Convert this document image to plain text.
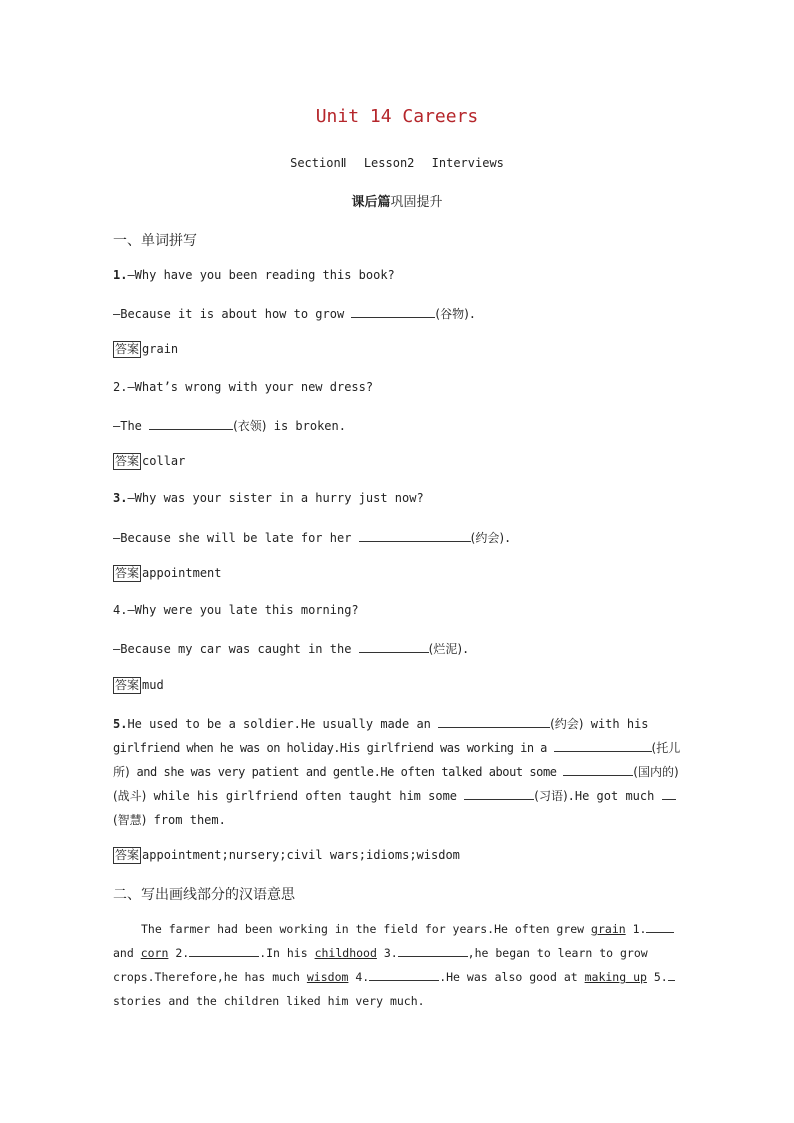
Unit 14 Careers
SectionⅡ Lesson2 Interviews
课后篇巩固提升
一、单词拼写
1.—Why have you been reading this book?
—Because it is about how to grow	(谷物).
答案 grain
2.—What’s wrong with your new dress?
—The	(衣领) is broken.
答案 collar
3.—Why was your sister in a hurry just now?
—Because she will be late for her	(约会).
答案 appointment
4.—Why were you late this morning?
—Because my car was caught in the	(烂泥).
答案 mud
5.He used to be a soldier.He usually made an	(约会) with his
girlfriend when he was on holiday.His girlfriend was working in a	(托儿
所) and she was very patient and gentle.He often talked about some	(国内的)
(战斗) while his girlfriend often taught him some	(习语).He got much
(智慧) from them.
答案 appointment;nursery;civil wars;idioms;wisdom
二、写出画线部分的汉语意思
The farmer had been working in the field for years.He often grew grain 1.
and corn 2.	.In his childhood 3.	,he began to learn to grow
crops.Therefore,he has much wisdom 4.	.He was also good at making up 5.
stories and the children liked him very much.
